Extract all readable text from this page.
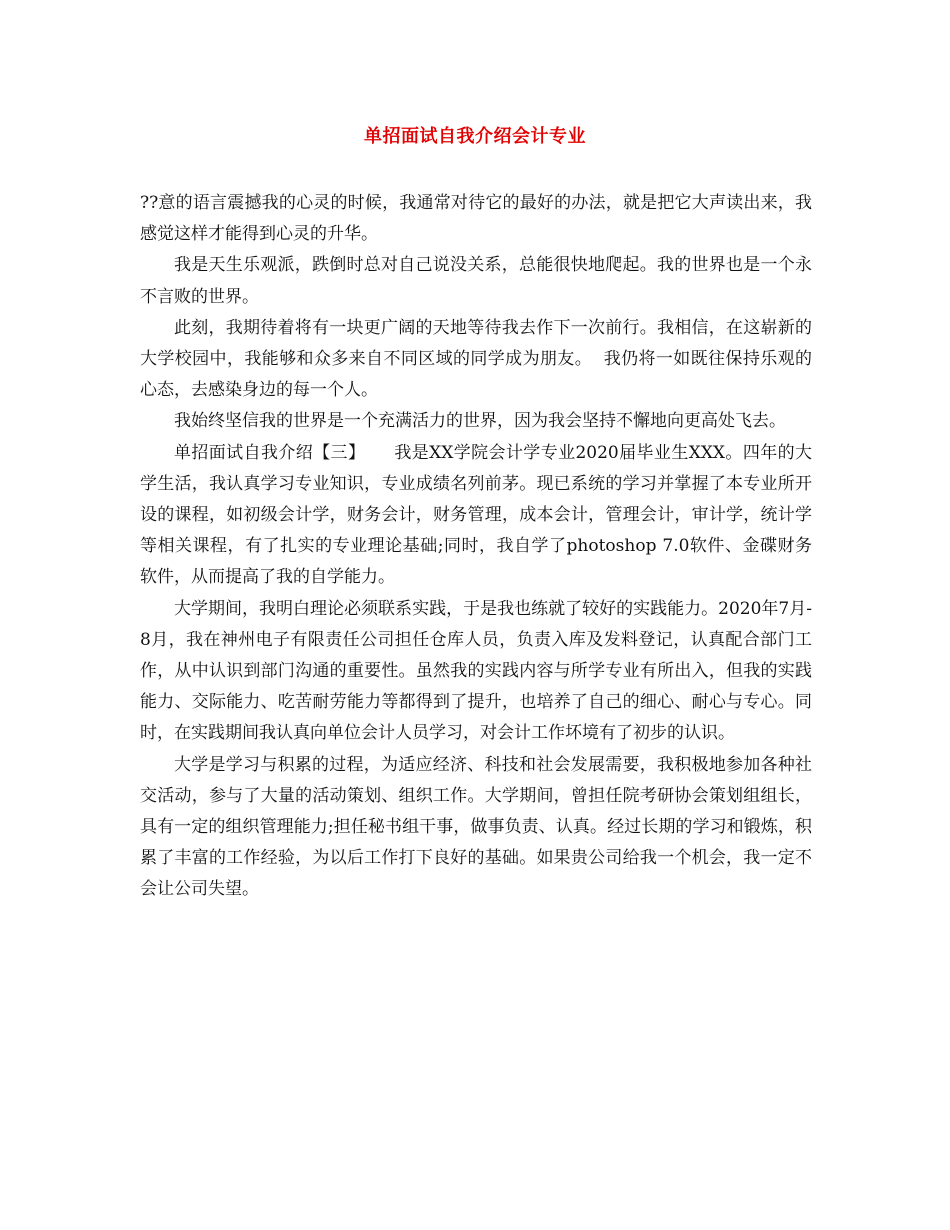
单招面试自我介绍会计专业

??意的语言震撼我的心灵的时候，我通常对待它的最好的办法，就是把它大声读出来，我感觉这样才能得到心灵的升华。

我是天生乐观派，跌倒时总对自己说没关系，总能很快地爬起。我的世界也是一个永不言败的世界。

此刻，我期待着将有一块更广阔的天地等待我去作下一次前行。我相信，在这崭新的大学校园中，我能够和众多来自不同区域的同学成为朋友。  我仍将一如既往保持乐观的心态，去感染身边的每一个人。

我始终坚信我的世界是一个充满活力的世界，因为我会坚持不懈地向更高处飞去。

单招面试自我介绍【三】     我是XX学院会计学专业2020届毕业生XXX。四年的大学生活，我认真学习专业知识，专业成绩名列前茅。现已系统的学习并掌握了本专业所开设的课程，如初级会计学，财务会计，财务管理，成本会计，管理会计，审计学，统计学等相关课程，有了扎实的专业理论基础;同时，我自学了photoshop 7.0软件、金碟财务软件，从而提高了我的自学能力。

大学期间，我明白理论必须联系实践，于是我也练就了较好的实践能力。2020年7月-8月，我在神州电子有限责任公司担任仓库人员，负责入库及发料登记，认真配合部门工作，从中认识到部门沟通的重要性。虽然我的实践内容与所学专业有所出入，但我的实践能力、交际能力、吃苦耐劳能力等都得到了提升，也培养了自己的细心、耐心与专心。同时，在实践期间我认真向单位会计人员学习，对会计工作坏境有了初步的认识。

大学是学习与积累的过程，为适应经济、科技和社会发展需要，我积极地参加各种社交活动，参与了大量的活动策划、组织工作。大学期间，曾担任院考研协会策划组组长，具有一定的组织管理能力;担任秘书组干事，做事负责、认真。经过长期的学习和锻炼，积累了丰富的工作经验，为以后工作打下良好的基础。如果贵公司给我一个机会，我一定不会让公司失望。
